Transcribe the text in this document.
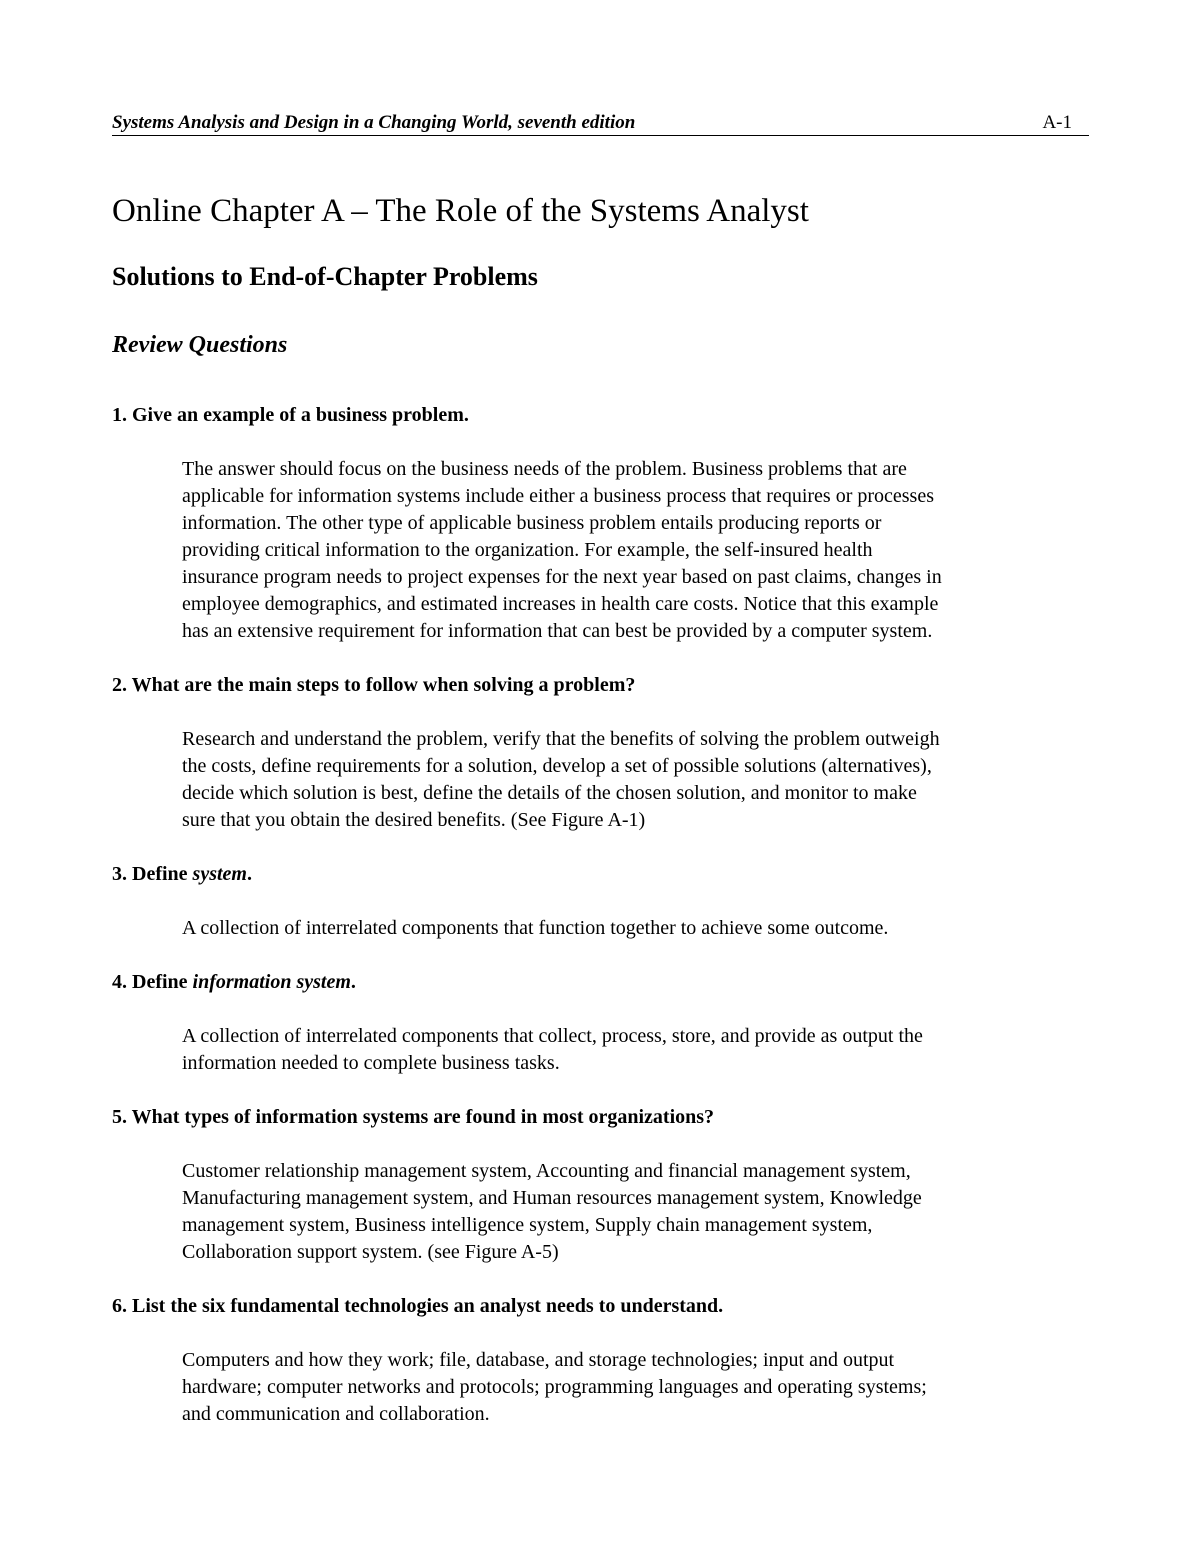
Systems Analysis and Design in a Changing World, seventh edition	A-1
Online Chapter A – The Role of the Systems Analyst
Solutions to End-of-Chapter Problems
Review Questions

1. Give an example of a business problem.

The answer should focus on the business needs of the problem. Business problems that are
applicable for information systems include either a business process that requires or processes
information. The other type of applicable business problem entails producing reports or
providing critical information to the organization. For example, the self-insured health
insurance program needs to project expenses for the next year based on past claims, changes in
employee demographics, and estimated increases in health care costs. Notice that this example
has an extensive requirement for information that can best be provided by a computer system.

2. What are the main steps to follow when solving a problem?

Research and understand the problem, verify that the benefits of solving the problem outweigh
the costs, define requirements for a solution, develop a set of possible solutions (alternatives),
decide which solution is best, define the details of the chosen solution, and monitor to make
sure that you obtain the desired benefits. (See Figure A-1)

3. Define system.

A collection of interrelated components that function together to achieve some outcome.

4. Define information system.

A collection of interrelated components that collect, process, store, and provide as output the
information needed to complete business tasks.

5. What types of information systems are found in most organizations?

Customer relationship management system, Accounting and financial management system,
Manufacturing management system, and Human resources management system, Knowledge
management system, Business intelligence system, Supply chain management system,
Collaboration support system. (see Figure A-5)

6. List the six fundamental technologies an analyst needs to understand.

Computers and how they work; file, database, and storage technologies; input and output
hardware; computer networks and protocols; programming languages and operating systems;
and communication and collaboration.
